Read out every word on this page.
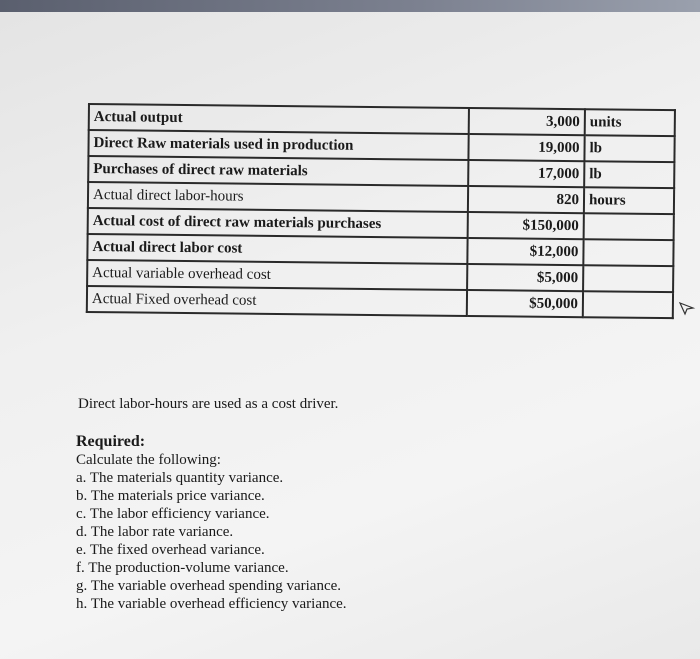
Actual output	3,000	units
Direct Raw materials used in production	19,000	lb
Purchases of direct raw materials	17,000	lb
Actual direct labor-hours	820	hours
Actual cost of direct raw materials purchases	$150,000	
Actual direct labor cost	$12,000	
Actual variable overhead cost	$5,000	
Actual Fixed overhead cost	$50,000	
Direct labor-hours are used as a cost driver.
Required:
Calculate the following:
a. The materials quantity variance.
b. The materials price variance.
c. The labor efficiency variance.
d. The labor rate variance.
e. The fixed overhead variance.
f. The production-volume variance.
g. The variable overhead spending variance.
h. The variable overhead efficiency variance.
